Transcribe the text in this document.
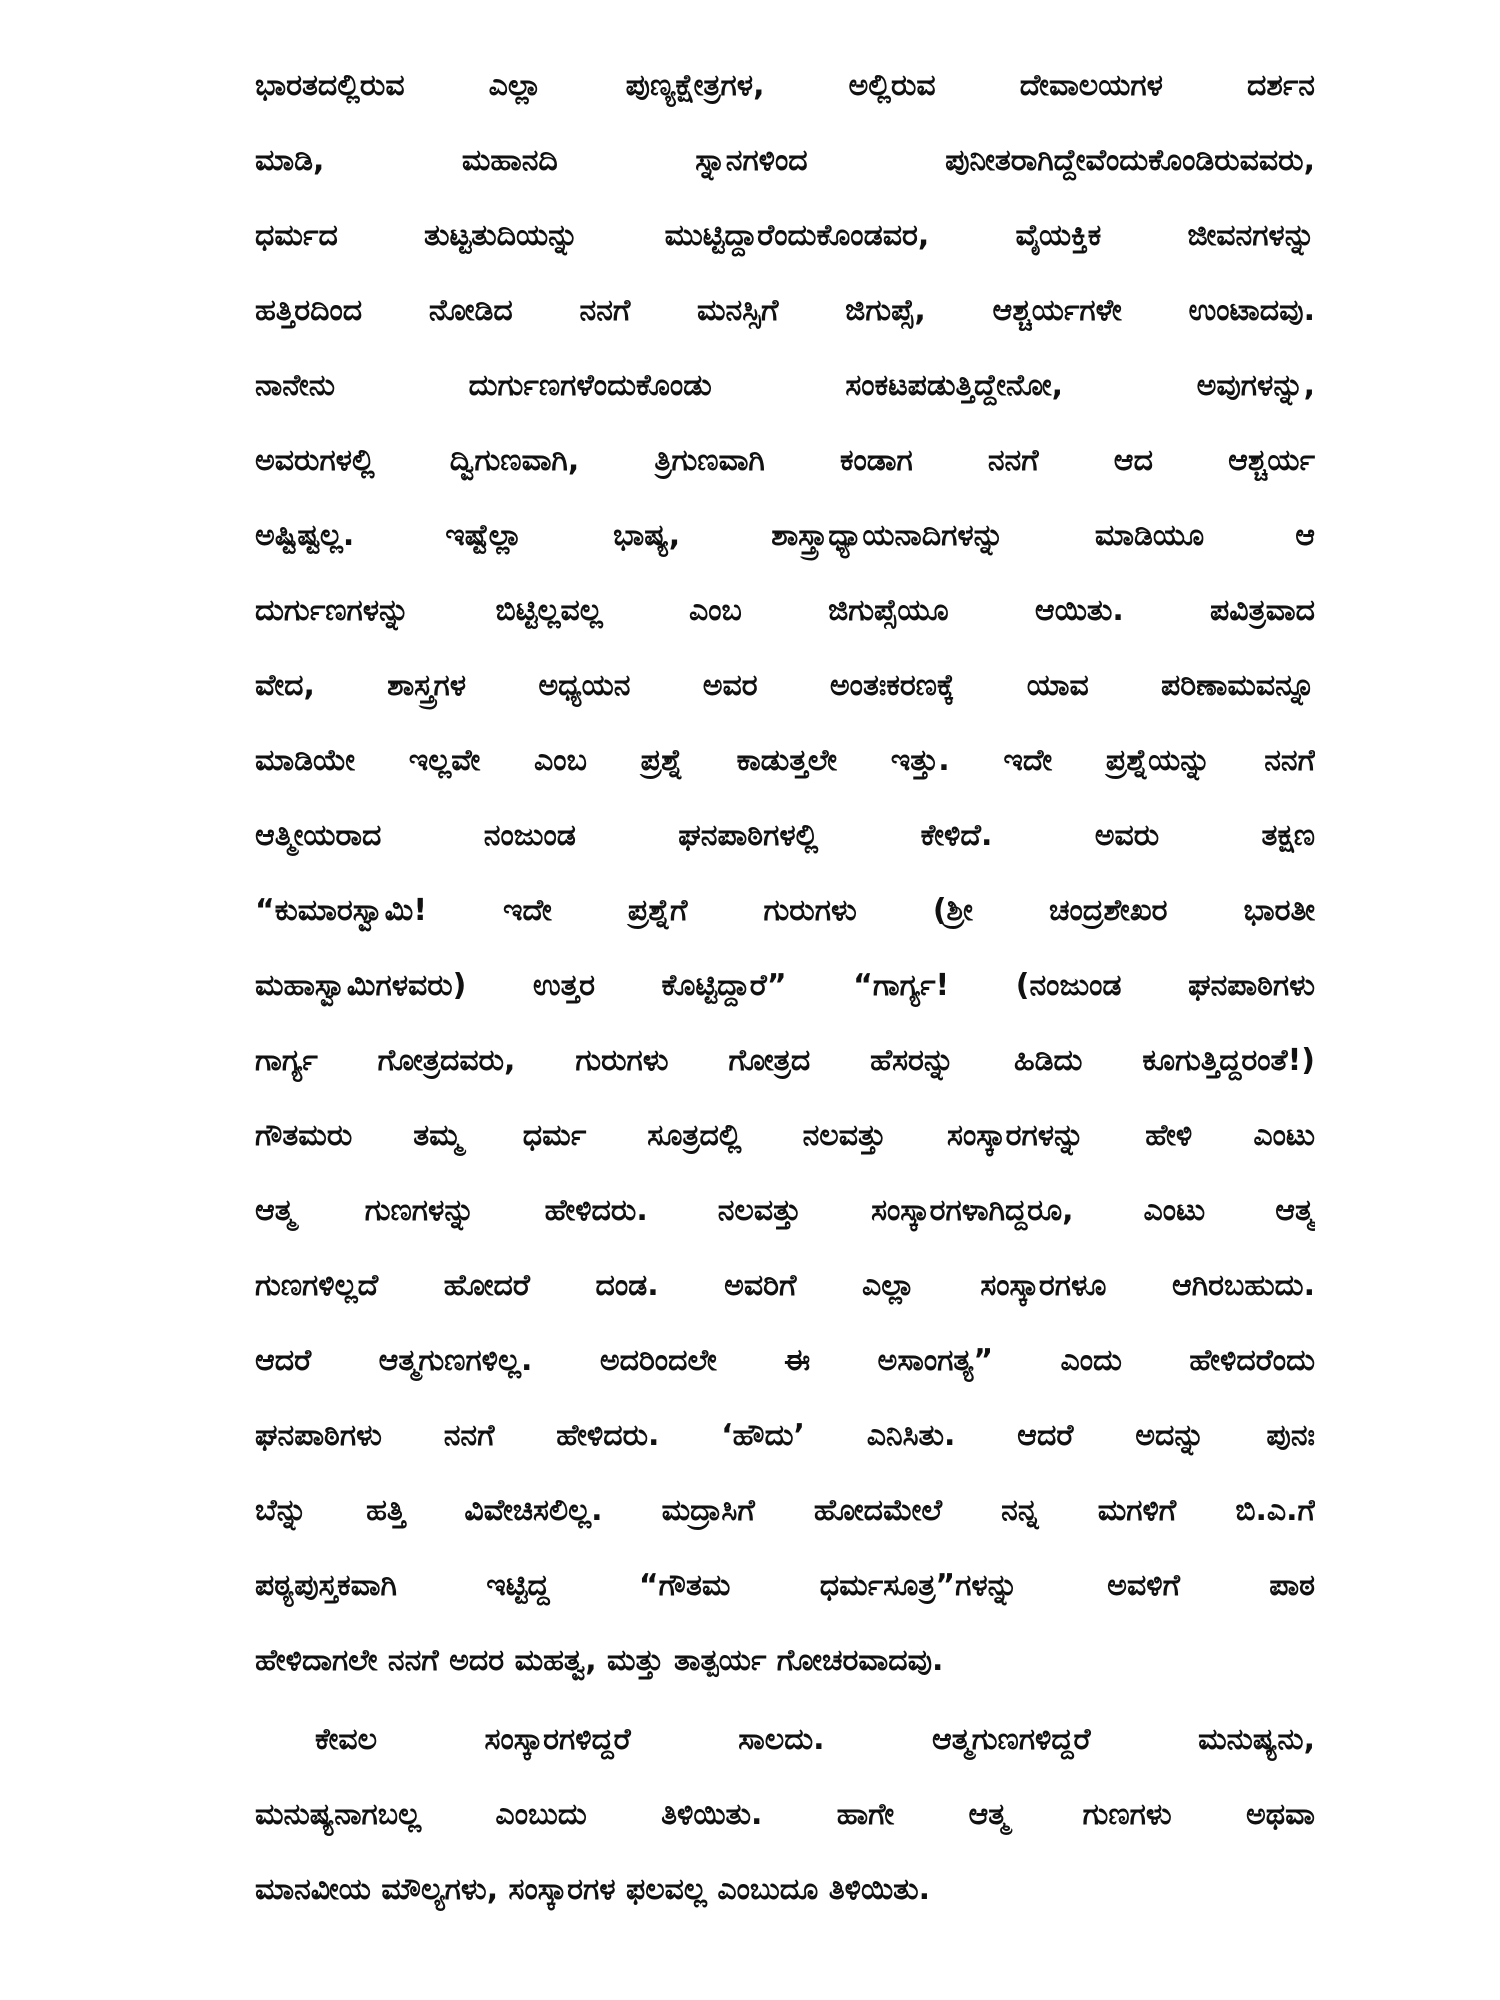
ಭಾರತದಲ್ಲಿರುವ ಎಲ್ಲಾ ಪುಣ್ಯಕ್ಷೇತ್ರಗಳ, ಅಲ್ಲಿರುವ ದೇವಾಲಯಗಳ ದರ್ಶನ
ಮಾಡಿ, ಮಹಾನದಿ ಸ್ನಾನಗಳಿಂದ ಪುನೀತರಾಗಿದ್ದೇವೆಂದುಕೊಂಡಿರುವವರು,
ಧರ್ಮದ ತುಟ್ಟತುದಿಯನ್ನು ಮುಟ್ಟಿದ್ದಾರೆಂದುಕೊಂಡವರ, ವೈಯಕ್ತಿಕ ಜೀವನಗಳನ್ನು
ಹತ್ತಿರದಿಂದ ನೋಡಿದ ನನಗೆ ಮನಸ್ಸಿಗೆ ಜಿಗುಪ್ಸೆ, ಆಶ್ಚರ್ಯಗಳೇ ಉಂಟಾದವು.
ನಾನೇನು ದುರ್ಗುಣಗಳೆಂದುಕೊಂಡು ಸಂಕಟಪಡುತ್ತಿದ್ದೇನೋ, ಅವುಗಳನ್ನು,
ಅವರುಗಳಲ್ಲಿ ದ್ವಿಗುಣವಾಗಿ, ತ್ರಿಗುಣವಾಗಿ ಕಂಡಾಗ ನನಗೆ ಆದ ಆಶ್ಚರ್ಯ
ಅಷ್ಟಿಷ್ಟಲ್ಲ. ಇಷ್ಟೆಲ್ಲಾ ಭಾಷ್ಯ, ಶಾಸ್ತ್ರಾಧ್ಯಾಯನಾದಿಗಳನ್ನು ಮಾಡಿಯೂ ಆ
ದುರ್ಗುಣಗಳನ್ನು ಬಿಟ್ಟಿಲ್ಲವಲ್ಲ ಎಂಬ ಜಿಗುಪ್ಸೆಯೂ ಆಯಿತು. ಪವಿತ್ರವಾದ
ವೇದ, ಶಾಸ್ತ್ರಗಳ ಅಧ್ಯಯನ ಅವರ ಅಂತಃಕರಣಕ್ಕೆ ಯಾವ ಪರಿಣಾಮವನ್ನೂ
ಮಾಡಿಯೇ ಇಲ್ಲವೇ ಎಂಬ ಪ್ರಶ್ನೆ ಕಾಡುತ್ತಲೇ ಇತ್ತು. ಇದೇ ಪ್ರಶ್ನೆಯನ್ನು ನನಗೆ
ಆತ್ಮೀಯರಾದ ನಂಜುಂಡ ಘನಪಾಠಿಗಳಲ್ಲಿ ಕೇಳಿದೆ. ಅವರು ತಕ್ಷಣ
“ಕುಮಾರಸ್ವಾಮಿ! ಇದೇ ಪ್ರಶ್ನೆಗೆ ಗುರುಗಳು (ಶ್ರೀ ಚಂದ್ರಶೇಖರ ಭಾರತೀ
ಮಹಾಸ್ವಾಮಿಗಳವರು) ಉತ್ತರ ಕೊಟ್ಟಿದ್ದಾರೆ” “ಗಾರ್ಗ್ಯ! (ನಂಜುಂಡ ಘನಪಾಠಿಗಳು
ಗಾರ್ಗ್ಯ ಗೋತ್ರದವರು, ಗುರುಗಳು ಗೋತ್ರದ ಹೆಸರನ್ನು ಹಿಡಿದು ಕೂಗುತ್ತಿದ್ದರಂತೆ!)
ಗೌತಮರು ತಮ್ಮ ಧರ್ಮ ಸೂತ್ರದಲ್ಲಿ ನಲವತ್ತು ಸಂಸ್ಕಾರಗಳನ್ನು ಹೇಳಿ ಎಂಟು
ಆತ್ಮ ಗುಣಗಳನ್ನು ಹೇಳಿದರು. ನಲವತ್ತು ಸಂಸ್ಕಾರಗಳಾಗಿದ್ದರೂ, ಎಂಟು ಆತ್ಮ
ಗುಣಗಳಿಲ್ಲದೆ ಹೋದರೆ ದಂಡ. ಅವರಿಗೆ ಎಲ್ಲಾ ಸಂಸ್ಕಾರಗಳೂ ಆಗಿರಬಹುದು.
ಆದರೆ ಆತ್ಮಗುಣಗಳಿಲ್ಲ. ಅದರಿಂದಲೇ ಈ ಅಸಾಂಗತ್ಯ” ಎಂದು ಹೇಳಿದರೆಂದು
ಘನಪಾಠಿಗಳು ನನಗೆ ಹೇಳಿದರು. ‘ಹೌದು’ ಎನಿಸಿತು. ಆದರೆ ಅದನ್ನು ಪುನಃ
ಬೆನ್ನು ಹತ್ತಿ ವಿವೇಚಿಸಲಿಲ್ಲ. ಮದ್ರಾಸಿಗೆ ಹೋದಮೇಲೆ ನನ್ನ ಮಗಳಿಗೆ ಬಿ.ಎ.ಗೆ
ಪಠ್ಯಪುಸ್ತಕವಾಗಿ ಇಟ್ಟಿದ್ದ “ಗೌತಮ ಧರ್ಮಸೂತ್ರ”ಗಳನ್ನು ಅವಳಿಗೆ ಪಾಠ
ಹೇಳಿದಾಗಲೇ ನನಗೆ ಅದರ ಮಹತ್ವ, ಮತ್ತು ತಾತ್ಪರ್ಯ ಗೋಚರವಾದವು.
ಕೇವಲ ಸಂಸ್ಕಾರಗಳಿದ್ದರೆ ಸಾಲದು. ಆತ್ಮಗುಣಗಳಿದ್ದರೆ ಮನುಷ್ಯನು,
ಮನುಷ್ಯನಾಗಬಲ್ಲ ಎಂಬುದು ತಿಳಿಯಿತು. ಹಾಗೇ ಆತ್ಮ ಗುಣಗಳು ಅಥವಾ
ಮಾನವೀಯ ಮೌಲ್ಯಗಳು, ಸಂಸ್ಕಾರಗಳ ಫಲವಲ್ಲ ಎಂಬುದೂ ತಿಳಿಯಿತು.
